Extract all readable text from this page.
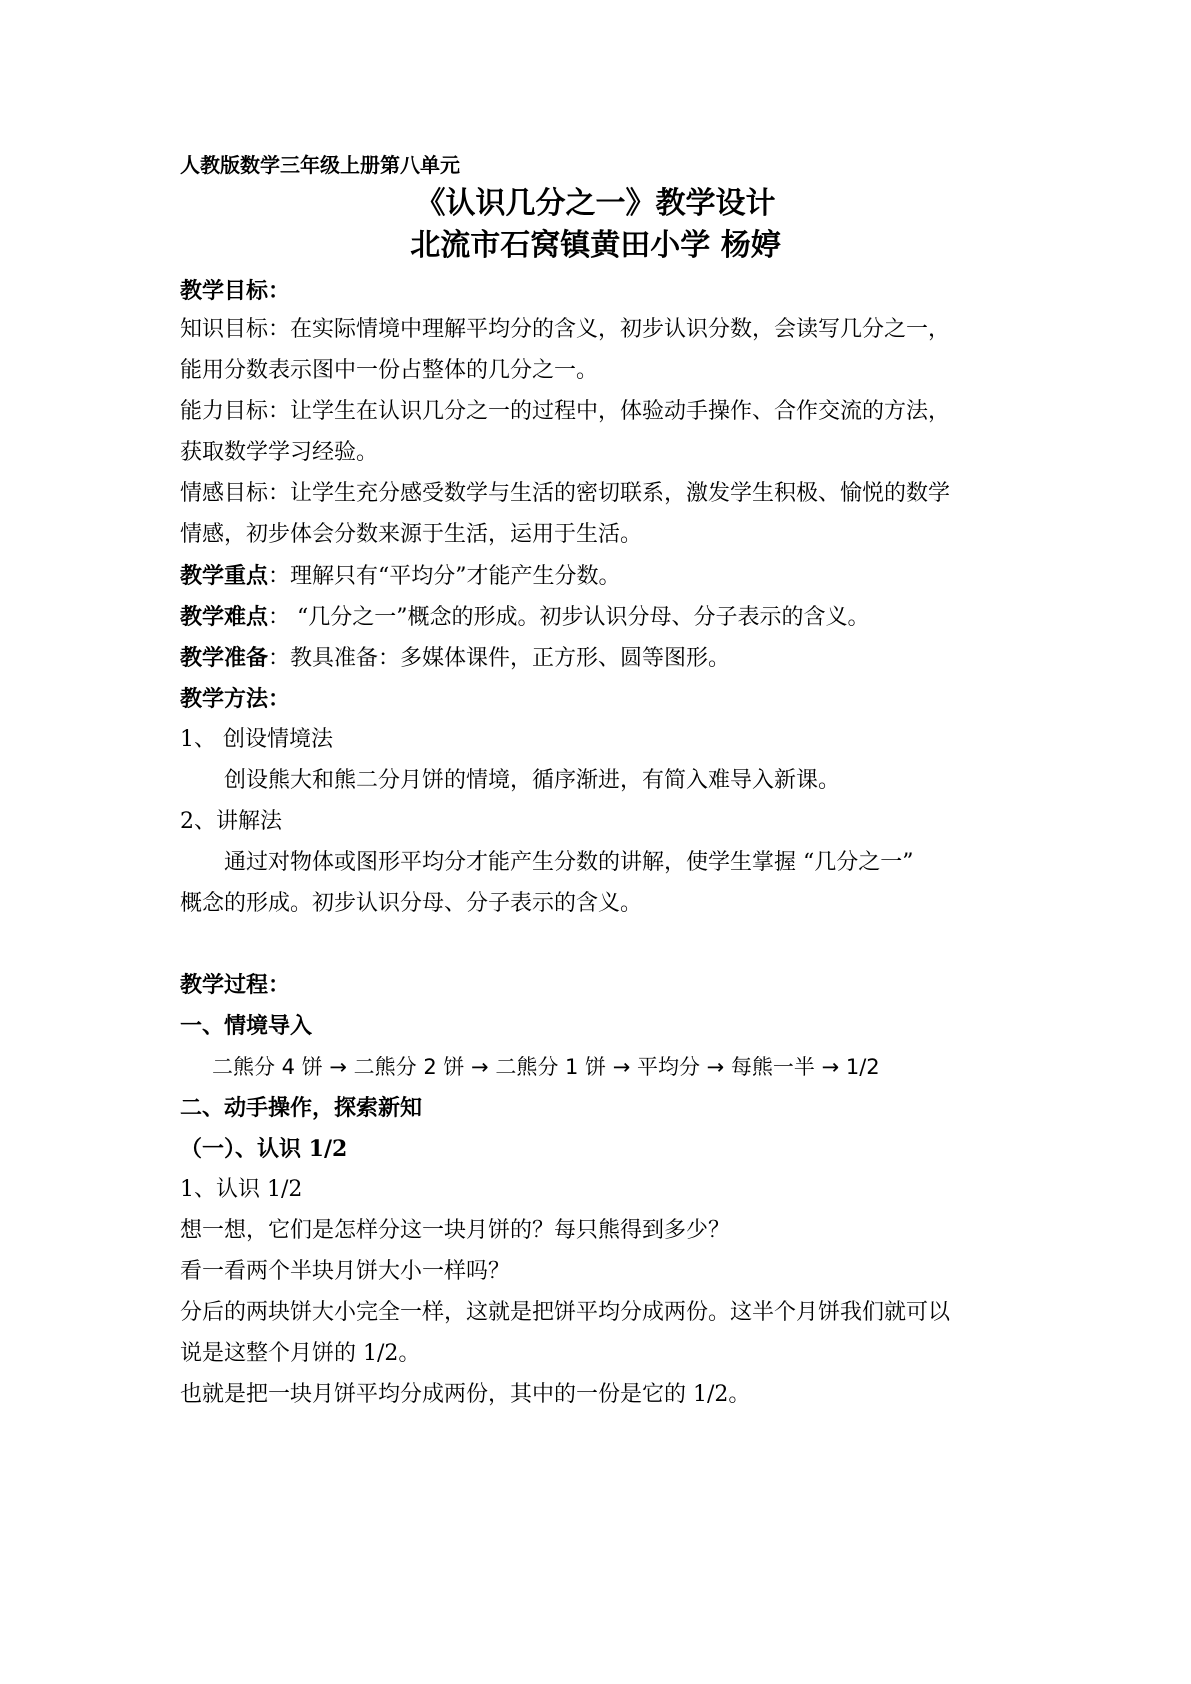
人教版数学三年级上册第八单元
《认识几分之一》教学设计
北流市石窝镇黄田小学 杨婷
教学目标：
知识目标：在实际情境中理解平均分的含义，初步认识分数，会读写几分之一，
能用分数表示图中一份占整体的几分之一。
能力目标：让学生在认识几分之一的过程中，体验动手操作、合作交流的方法，
获取数学学习经验。
情感目标：让学生充分感受数学与生活的密切联系，激发学生积极、愉悦的数学
情感，初步体会分数来源于生活，运用于生活。
教学重点：理解只有“平均分”才能产生分数。
教学难点： “几分之一”概念的形成。初步认识分母、分子表示的含义。
教学准备：教具准备：多媒体课件，正方形、圆等图形。
教学方法：
1、 创设情境法
创设熊大和熊二分月饼的情境，循序渐进，有简入难导入新课。
2、讲解法
通过对物体或图形平均分才能产生分数的讲解，使学生掌握 “几分之一”
概念的形成。初步认识分母、分子表示的含义。
教学过程：
一、情境导入
二熊分 4 饼 → 二熊分 2 饼 → 二熊分 1 饼 → 平均分 → 每熊一半 → 1/2
二、动手操作，探索新知
（一）、认识 1/2
1、认识 1/2
想一想，它们是怎样分这一块月饼的？每只熊得到多少？
看一看两个半块月饼大小一样吗？
分后的两块饼大小完全一样，这就是把饼平均分成两份。这半个月饼我们就可以
说是这整个月饼的 1/2。
也就是把一块月饼平均分成两份，其中的一份是它的 1/2。
